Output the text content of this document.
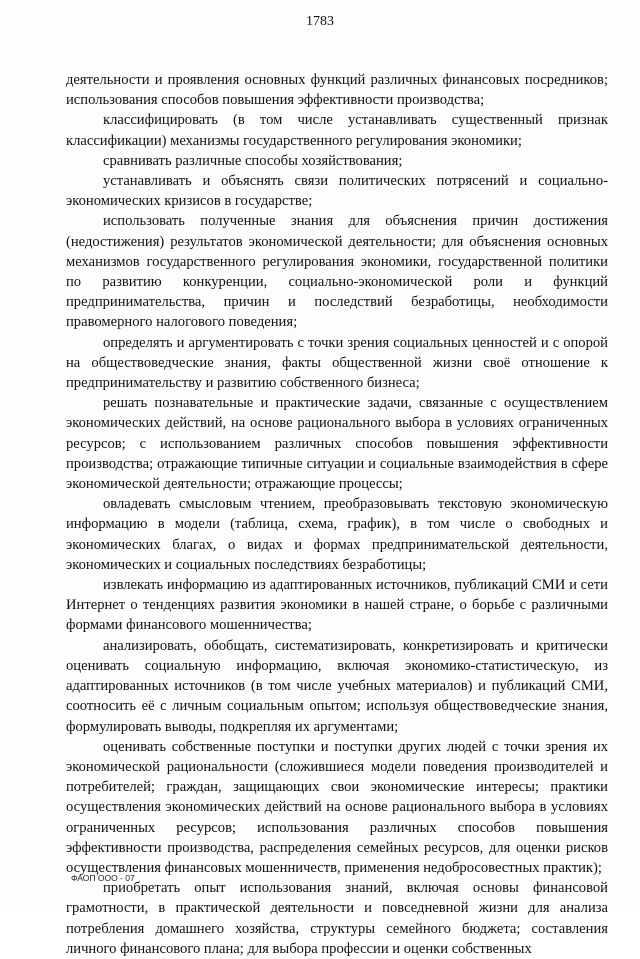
1783

деятельности и проявления основных функций различных финансовых посредников; использования способов повышения эффективности производства;

классифицировать (в том числе устанавливать существенный признак классификации) механизмы государственного регулирования экономики;

сравнивать различные способы хозяйствования;

устанавливать и объяснять связи политических потрясений и социально-экономических кризисов в государстве;

использовать полученные знания для объяснения причин достижения (недостижения) результатов экономической деятельности; для объяснения основных механизмов государственного регулирования экономики, государственной политики по развитию конкуренции, социально-экономической роли и функций предпринимательства, причин и последствий безработицы, необходимости правомерного налогового поведения;

определять и аргументировать с точки зрения социальных ценностей и с опорой на обществоведческие знания, факты общественной жизни своё отношение к предпринимательству и развитию собственного бизнеса;

решать познавательные и практические задачи, связанные с осуществлением экономических действий, на основе рационального выбора в условиях ограниченных ресурсов; с использованием различных способов повышения эффективности производства; отражающие типичные ситуации и социальные взаимодействия в сфере экономической деятельности; отражающие процессы;

овладевать смысловым чтением, преобразовывать текстовую экономическую информацию в модели (таблица, схема, график), в том числе о свободных и экономических благах, о видах и формах предпринимательской деятельности, экономических и социальных последствиях безработицы;

извлекать информацию из адаптированных источников, публикаций СМИ и сети Интернет о тенденциях развития экономики в нашей стране, о борьбе с различными формами финансового мошенничества;

анализировать, обобщать, систематизировать, конкретизировать и критически оценивать социальную информацию, включая экономико-статистическую, из адаптированных источников (в том числе учебных материалов) и публикаций СМИ, соотносить её с личным социальным опытом; используя обществоведческие знания, формулировать выводы, подкрепляя их аргументами;

оценивать собственные поступки и поступки других людей с точки зрения их экономической рациональности (сложившиеся модели поведения производителей и потребителей; граждан, защищающих свои экономические интересы; практики осуществления экономических действий на основе рационального выбора в условиях ограниченных ресурсов; использования различных способов повышения эффективности производства, распределения семейных ресурсов, для оценки рисков осуществления финансовых мошенничеств, применения недобросовестных практик);

приобретать опыт использования знаний, включая основы финансовой грамотности, в практической деятельности и повседневной жизни для анализа потребления домашнего хозяйства, структуры семейного бюджета; составления личного финансового плана; для выбора профессии и оценки собственных

ФАОП ООО - 07
